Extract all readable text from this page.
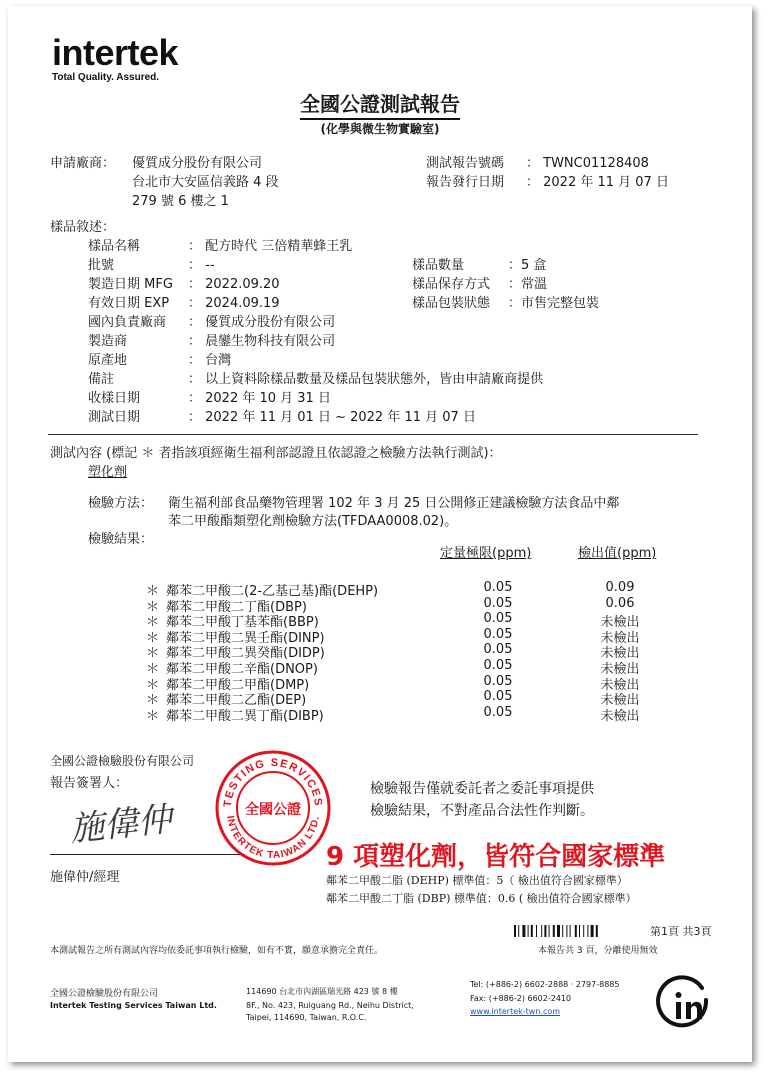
intertek
Total Quality. Assured.
全國公證測試報告
(化學與微生物實驗室)
申請廠商： 優質成分股份有限公司
台北市大安區信義路 4 段
279 號 6 樓之 1
測試報告號碼 ： TWNC01128408
報告發行日期 ： 2022 年 11 月 07 日
樣品敘述：
樣品名稱	： 配方時代 三倍精華蜂王乳
批號	： --
製造日期 MFG ： 2022.09.20
有效日期 EXP ： 2024.09.19
國內負責廠商 ： 優質成分股份有限公司
製造商	： 晨鑾生物科技有限公司
原產地	： 台灣
備註	： 以上資料除樣品數量及樣品包裝狀態外，皆由申請廠商提供
收樣日期	： 2022 年 10 月 31 日
測試日期	： 2022 年 11 月 01 日 ~ 2022 年 11 月 07 日
樣品數量	：5 盒
樣品保存方式 ：常溫
樣品包裝狀態 ：市售完整包裝
測試內容 (標記 ＊ 者指該項經衛生福利部認證且依認證之檢驗方法執行測試)：
塑化劑
檢驗方法： 衛生福利部食品藥物管理署 102 年 3 月 25 日公開修正建議檢驗方法食品中鄰
苯二甲酸酯類塑化劑檢驗方法(TFDAA0008.02)。
檢驗結果：
定量極限(ppm)	檢出值(ppm)
＊ 鄰苯二甲酸二(2-乙基己基)酯(DEHP)	0.05	0.09
＊ 鄰苯二甲酸二丁酯(DBP)	0.05	0.06
＊ 鄰苯二甲酸丁基苯酯(BBP)	0.05	未檢出
＊ 鄰苯二甲酸二異壬酯(DINP)	0.05	未檢出
＊ 鄰苯二甲酸二異癸酯(DIDP)	0.05	未檢出
＊ 鄰苯二甲酸二辛酯(DNOP)	0.05	未檢出
＊ 鄰苯二甲酸二甲酯(DMP)	0.05	未檢出
＊ 鄰苯二甲酸二乙酯(DEP)	0.05	未檢出
＊ 鄰苯二甲酸二異丁酯(DIBP)	0.05	未檢出
全國公證檢驗股份有限公司
報告簽署人：
施偉仲
施偉仲/經理
檢驗報告僅就委託者之委託事項提供
檢驗結果，不對產品合法性作判斷。
TESTING SERVICES
INTERTEK TAIWAN LTD.
全國公證
9 項塑化劑，皆符合國家標準
鄰苯二甲酸二脂 (DEHP) 標準值：5（ 檢出值符合國家標準）
鄰苯二甲酸二丁脂 (DBP) 標準值：0.6 ( 檢出值符合國家標準）
第1頁 共3頁
本測試報告之所有測試內容均依委託事項執行檢驗，如有不實，願意承擔完全責任。	本報告共 3 頁，分離使用無效
全國公證檢驗股份有限公司
Intertek Testing Services Taiwan Ltd.
114690 台北市內湖區瑞光路 423 號 8 樓
8F., No. 423, Ruiguang Rd., Neihu District,
Taipei, 114690, Taiwan, R.O.C.
Tel: (+886-2) 6602-2888 ‧ 2797-8885
Fax: (+886-2) 6602-2410
www.intertek-twn.com
